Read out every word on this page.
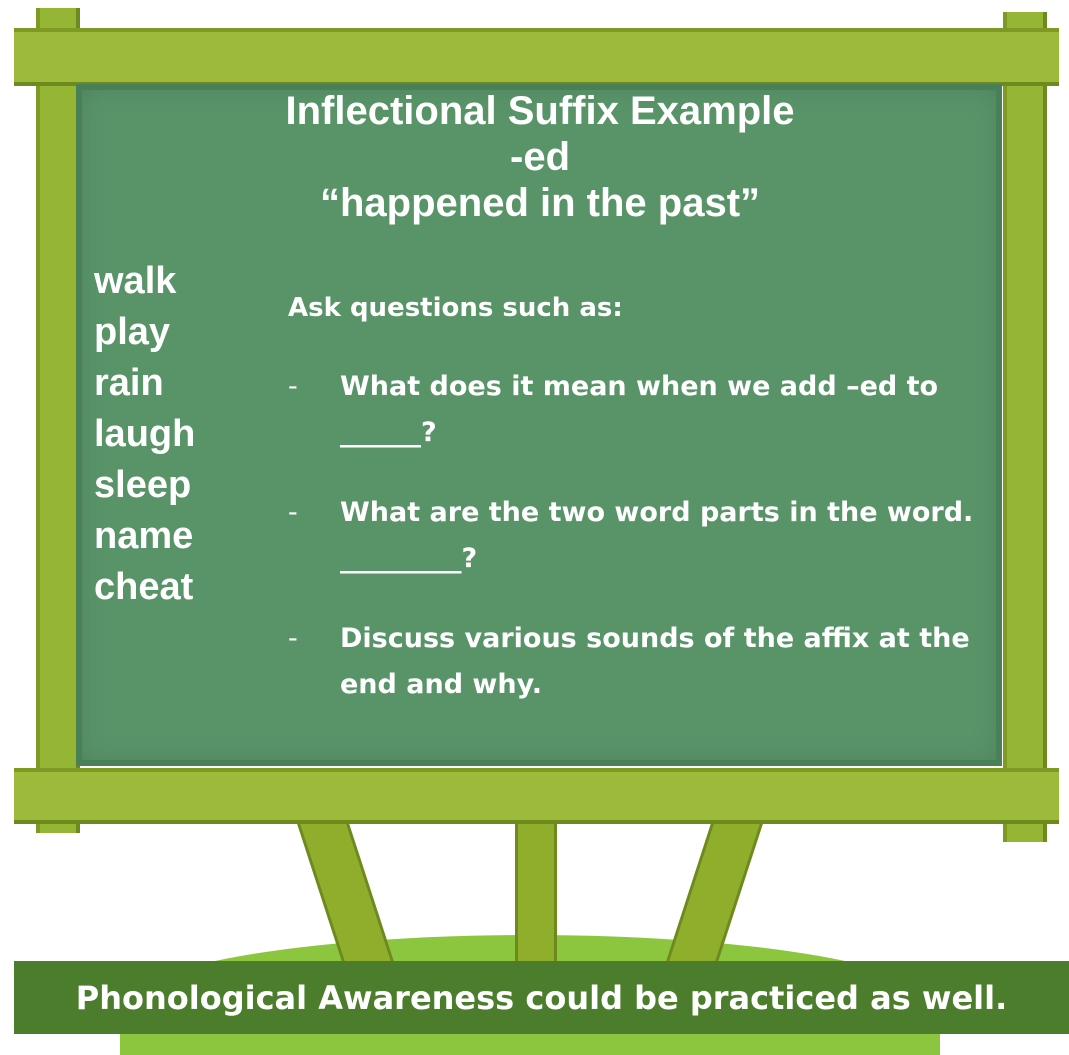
Inflectional Suffix Example
-ed
“happened in the past”
walk
play
rain
laugh
sleep
name
cheat
Ask questions such as:
- What does it mean when we add –ed to ______?
- What are the two word parts in the word. _________?
- Discuss various sounds of the affix at the end and why.
Phonological Awareness could be practiced as well.
